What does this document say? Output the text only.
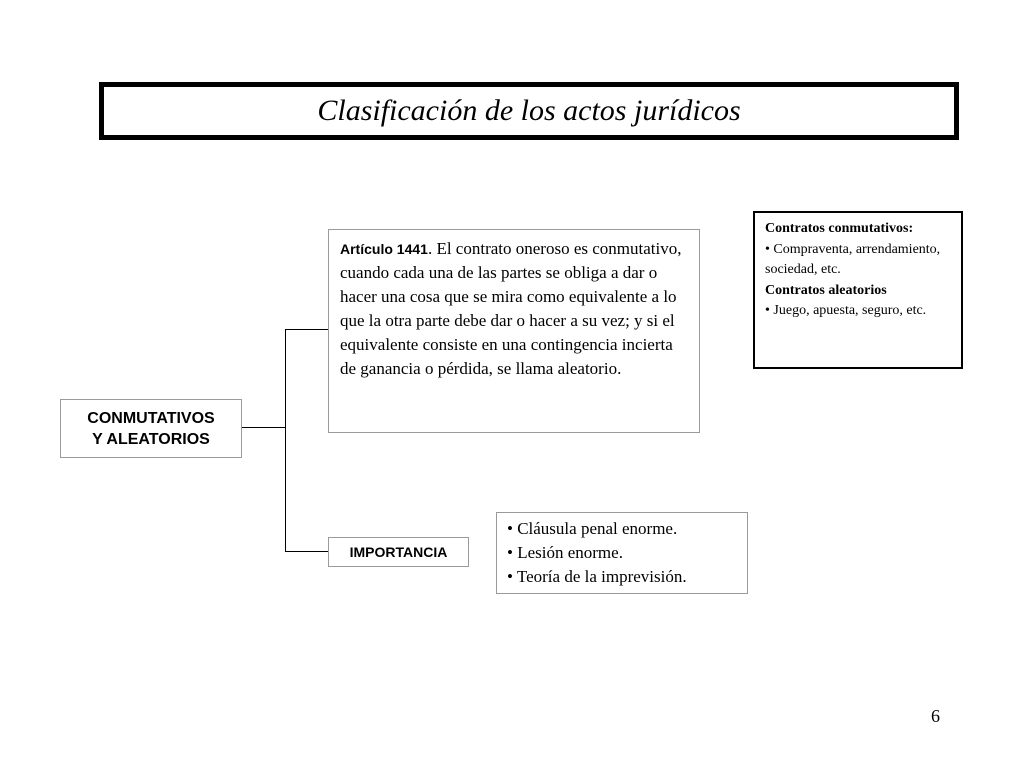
Clasificación de los actos jurídicos
Contratos conmutativos:
• Compraventa, arrendamiento, sociedad, etc.
Contratos aleatorios
• Juego, apuesta, seguro, etc.
Artículo 1441. El contrato oneroso es conmutativo, cuando cada una de las partes se obliga a dar o hacer una cosa que se mira como equivalente a lo que la otra parte debe dar o hacer a su vez; y si el equivalente consiste en una contingencia incierta de ganancia o pérdida, se llama aleatorio.
CONMUTATIVOS
Y ALEATORIOS
IMPORTANCIA
• Cláusula penal enorme.
• Lesión enorme.
• Teoría de la imprevisión.
6
